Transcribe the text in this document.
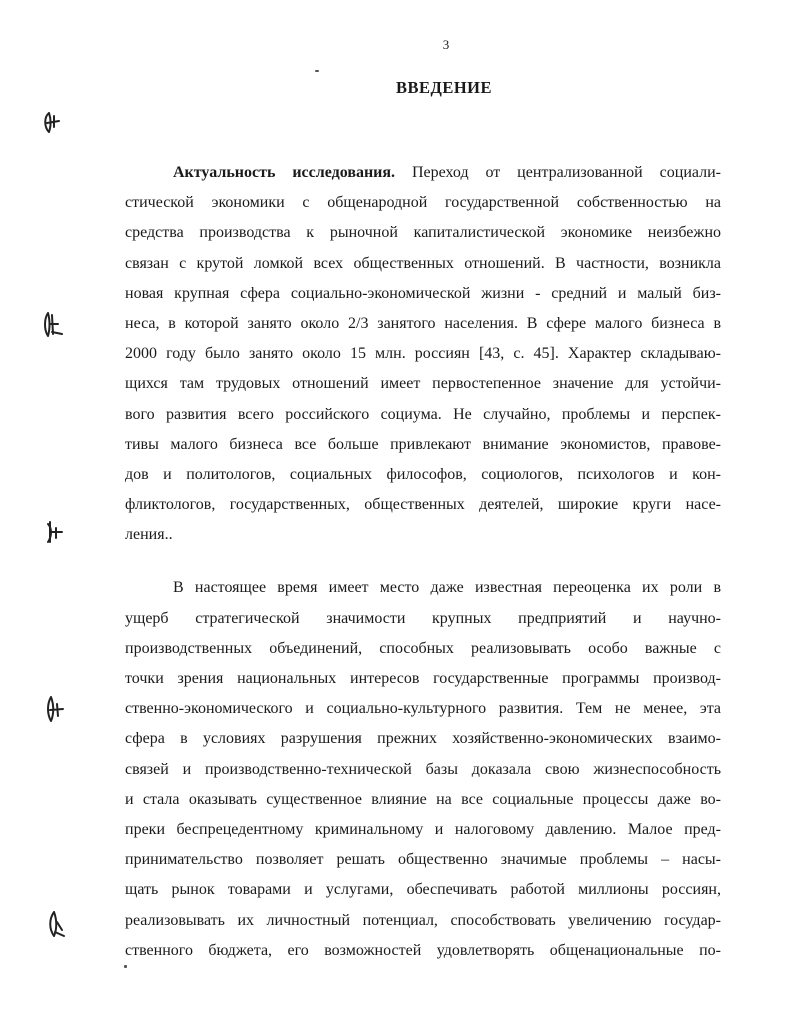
3
ВВЕДЕНИЕ
Актуальность исследования. Переход от централизованной социали-
стической экономики с общенародной государственной собственностью на
средства производства к рыночной капиталистической экономике неизбежно
связан с крутой ломкой всех общественных отношений. В частности, возникла
новая крупная сфера социально-экономической жизни - средний и малый биз-
неса, в которой занято около 2/3 занятого населения. В сфере малого бизнеса в
2000 году было занято около 15 млн. россиян [43, с. 45]. Характер складываю-
щихся там трудовых отношений имеет первостепенное значение для устойчи-
вого развития всего российского социума. Не случайно, проблемы и перспек-
тивы малого бизнеса все больше привлекают внимание экономистов, правове-
дов и политологов, социальных философов, социологов, психологов и кон-
фликтологов, государственных, общественных деятелей, широкие круги насе-
ления..
В настоящее время имеет место даже известная переоценка их роли в
ущерб стратегической значимости крупных предприятий и научно-
производственных объединений, способных реализовывать особо важные с
точки зрения национальных интересов государственные программы производ-
ственно-экономического и социально-культурного развития. Тем не менее, эта
сфера в условиях разрушения прежних хозяйственно-экономических взаимо-
связей и производственно-технической базы доказала свою жизнеспособность
и стала оказывать существенное влияние на все социальные процессы даже во-
преки беспрецедентному криминальному и налоговому давлению. Малое пред-
принимательство позволяет решать общественно значимые проблемы – насы-
щать рынок товарами и услугами, обеспечивать работой миллионы россиян,
реализовывать их личностный потенциал, способствовать увеличению государ-
ственного бюджета, его возможностей удовлетворять общенациональные по-
